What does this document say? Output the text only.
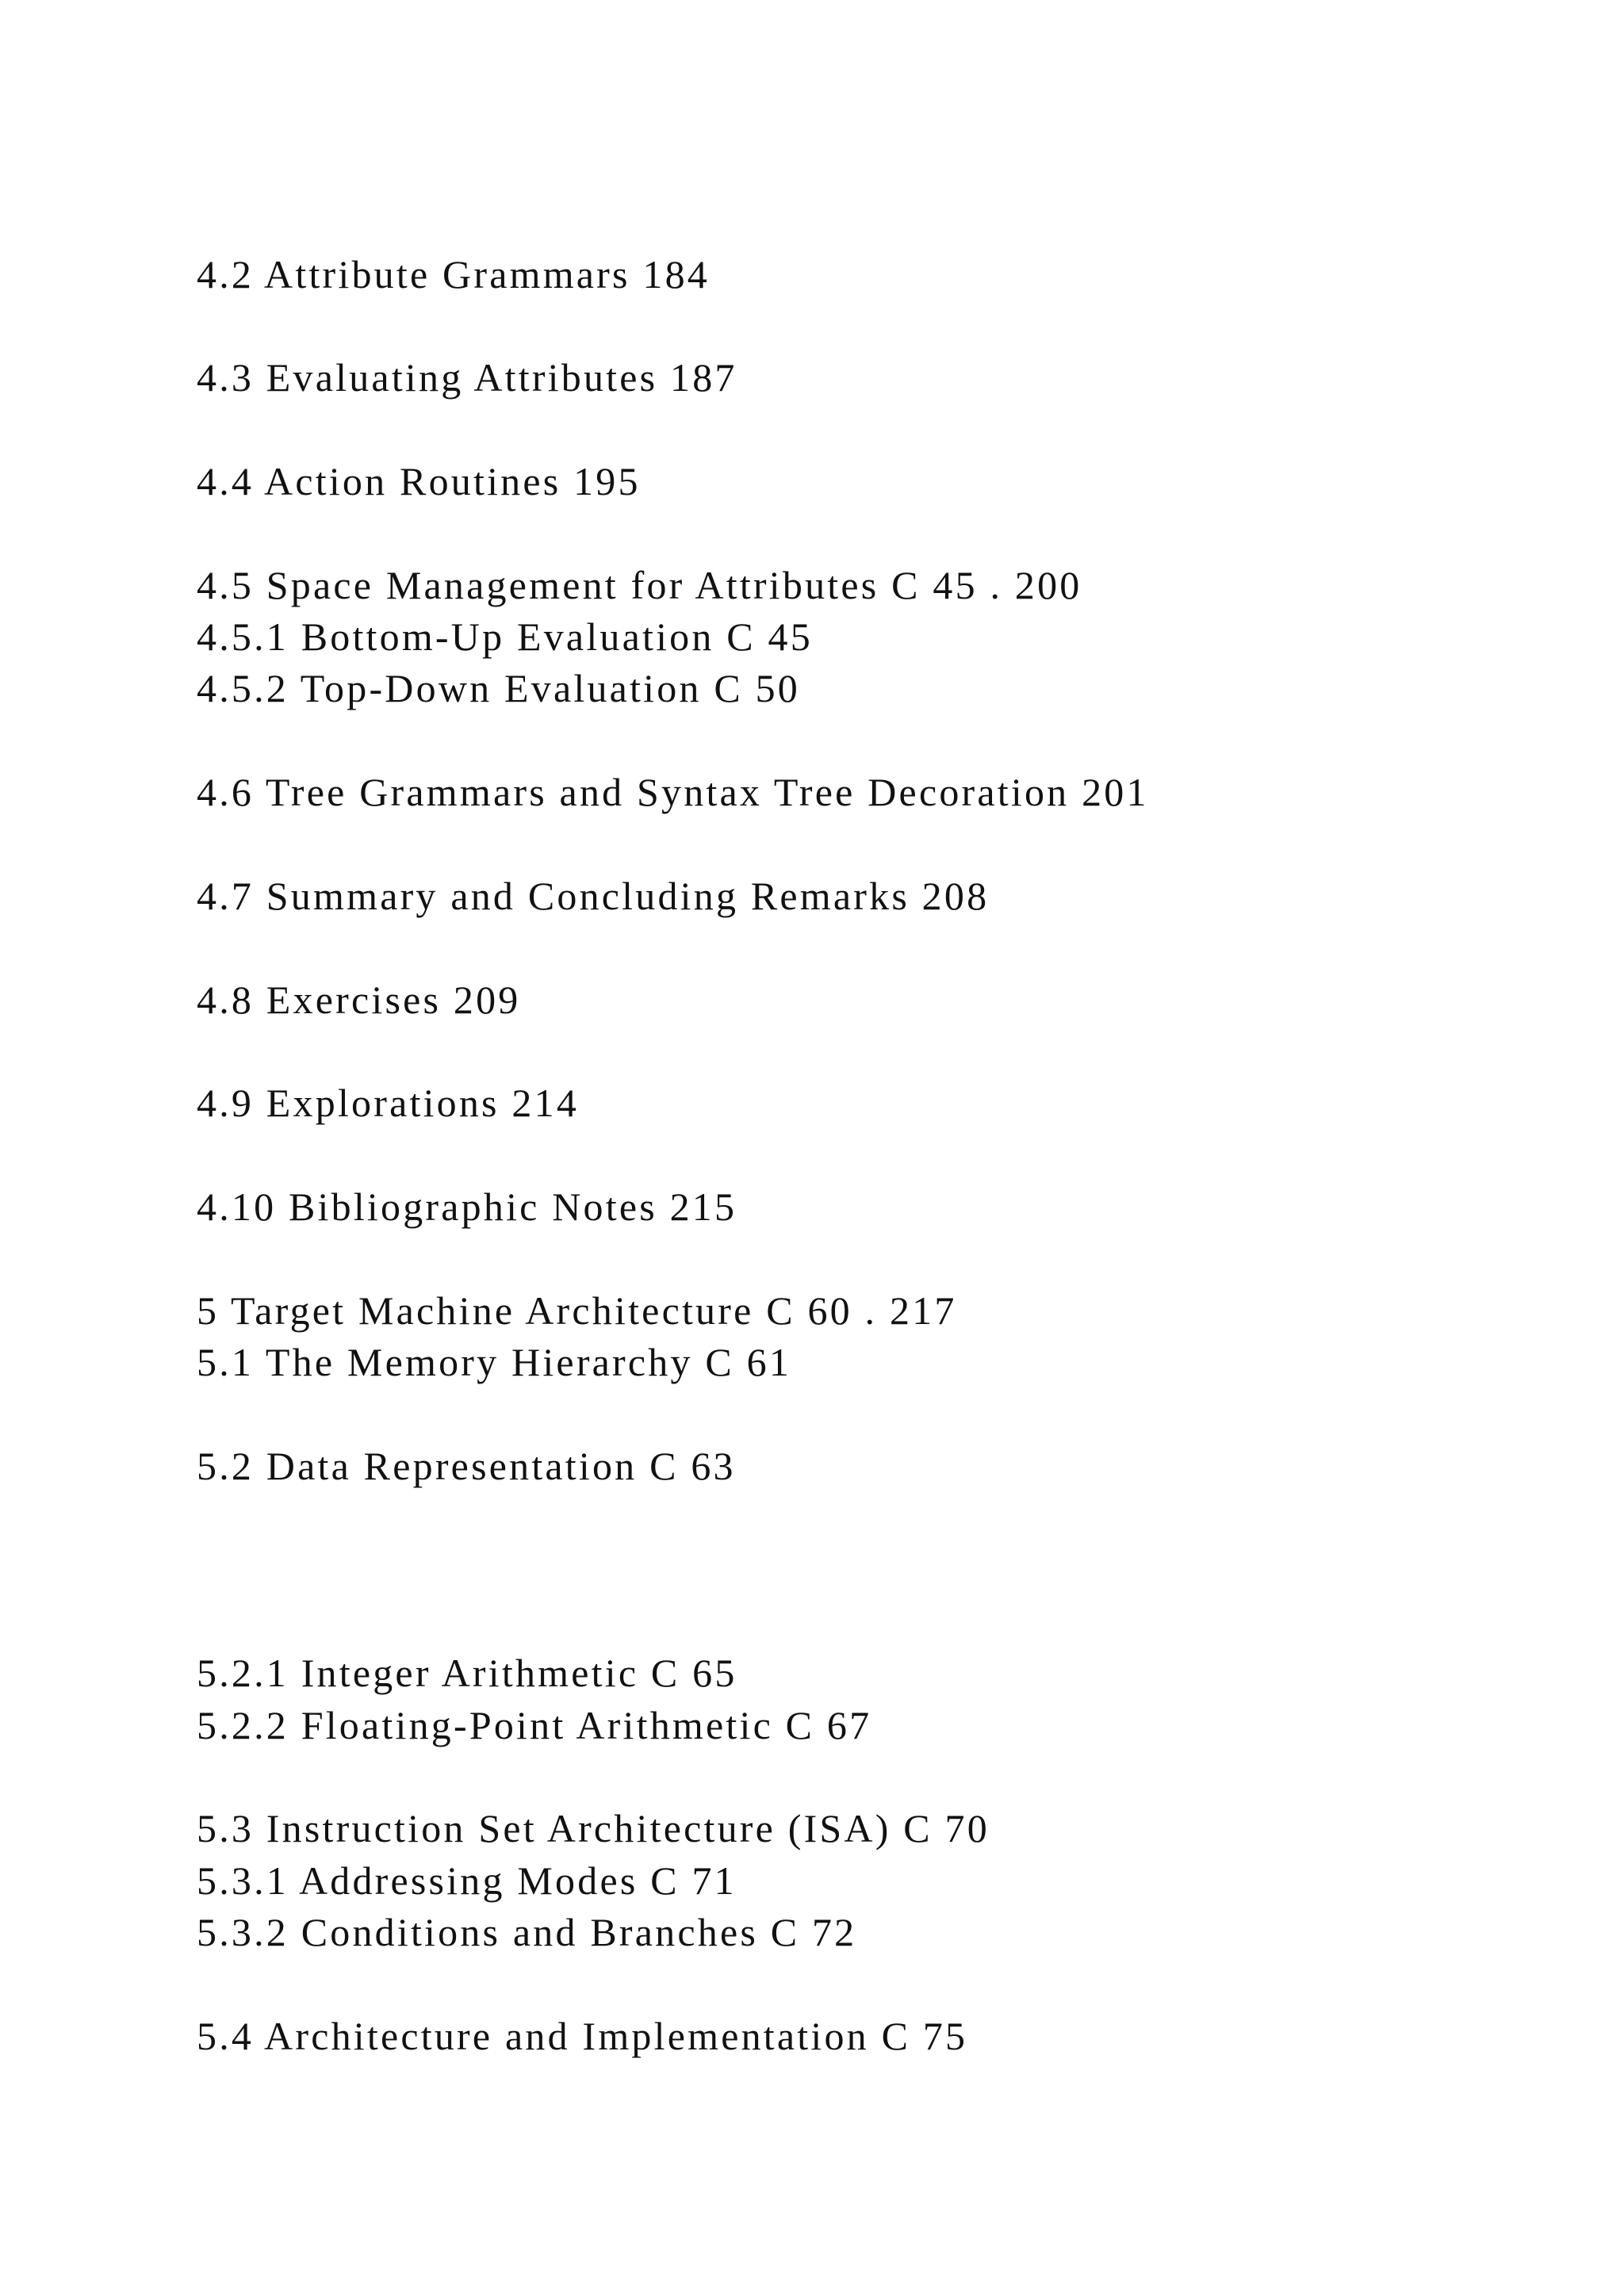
4.2 Attribute Grammars 184
4.3 Evaluating Attributes 187
4.4 Action Routines 195
4.5 Space Management for Attributes C 45 . 200
4.5.1 Bottom-Up Evaluation C 45
4.5.2 Top-Down Evaluation C 50
4.6 Tree Grammars and Syntax Tree Decoration 201
4.7 Summary and Concluding Remarks 208
4.8 Exercises 209
4.9 Explorations 214
4.10 Bibliographic Notes 215
5 Target Machine Architecture C 60 . 217
5.1 The Memory Hierarchy C 61
5.2 Data Representation C 63
5.2.1 Integer Arithmetic C 65
5.2.2 Floating-Point Arithmetic C 67
5.3 Instruction Set Architecture (ISA) C 70
5.3.1 Addressing Modes C 71
5.3.2 Conditions and Branches C 72
5.4 Architecture and Implementation C 75
